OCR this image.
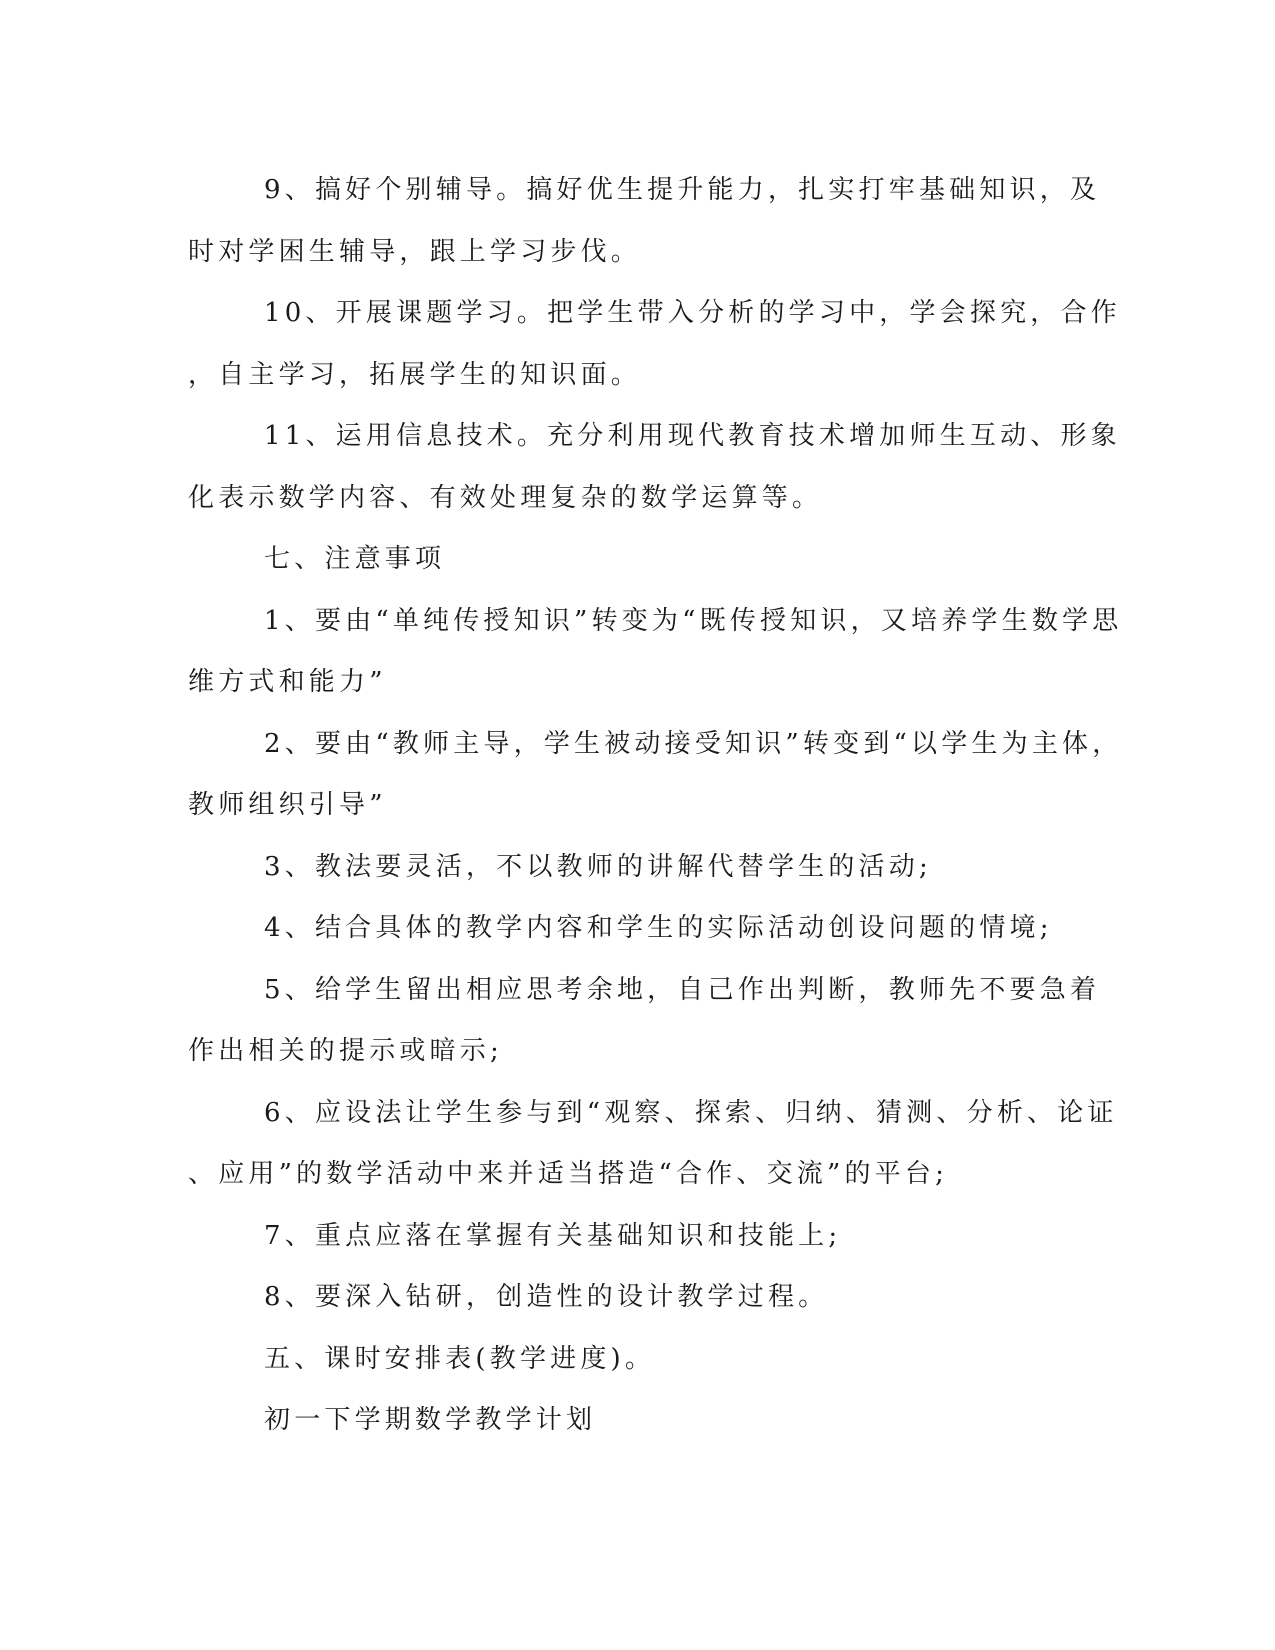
9、搞好个别辅导。搞好优生提升能力，扎实打牢基础知识，及
时对学困生辅导，跟上学习步伐。

10、开展课题学习。把学生带入分析的学习中，学会探究，合作
，自主学习，拓展学生的知识面。

11、运用信息技术。充分利用现代教育技术增加师生互动、形象
化表示数学内容、有效处理复杂的数学运算等。

七、注意事项

1、要由“单纯传授知识”转变为“既传授知识，又培养学生数学思
维方式和能力”

2、要由“教师主导，学生被动接受知识”转变到“以学生为主体，
教师组织引导”

3、教法要灵活，不以教师的讲解代替学生的活动;

4、结合具体的教学内容和学生的实际活动创设问题的情境;

5、给学生留出相应思考余地，自己作出判断，教师先不要急着
作出相关的提示或暗示;

6、应设法让学生参与到“观察、探索、归纳、猜测、分析、论证
、应用”的数学活动中来并适当搭造“合作、交流”的平台;

7、重点应落在掌握有关基础知识和技能上;

8、要深入钻研，创造性的设计教学过程。

五、课时安排表(教学进度)。

初一下学期数学教学计划
